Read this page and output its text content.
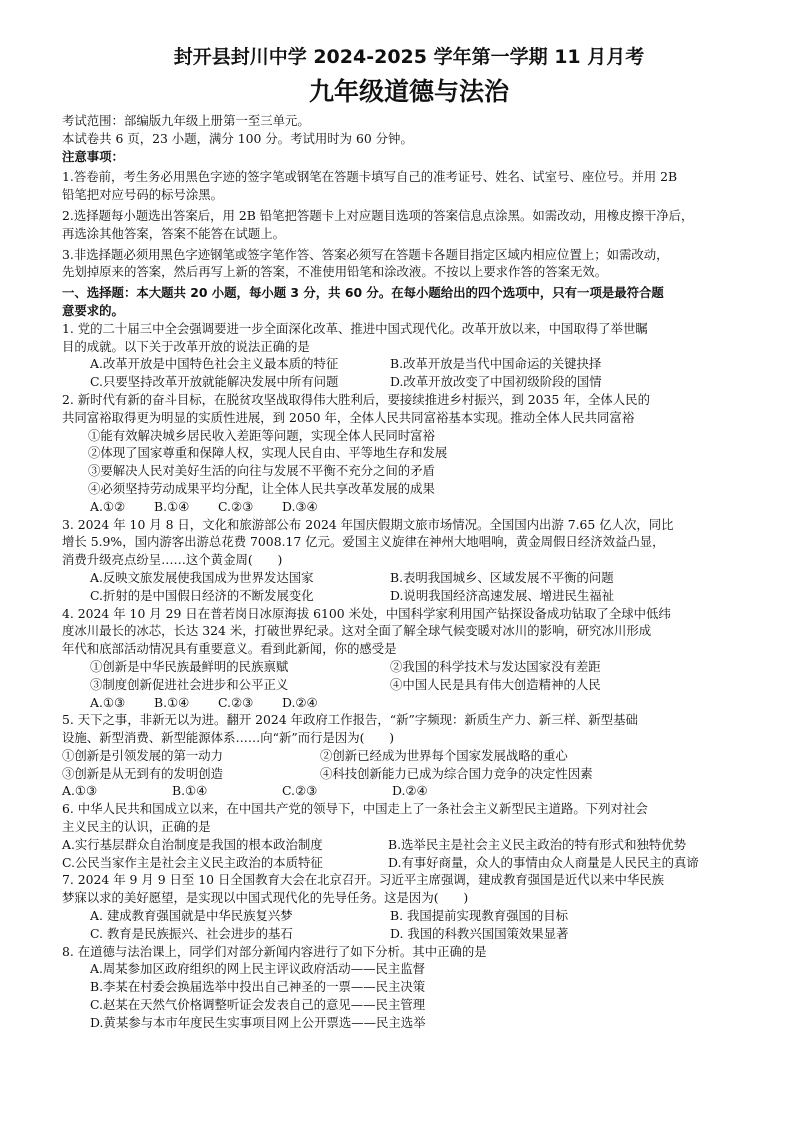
封开县封川中学 2024-2025 学年第一学期 11 月月考
九年级道德与法治

考试范围：部编版九年级上册第一至三单元。

本试卷共 6 页，23 小题，满分 100 分。考试用时为 60 分钟。

注意事项：

1.答卷前，考生务必用黑色字迹的签字笔或钢笔在答题卡填写自己的准考证号、姓名、试室号、座位号。并用 2B

铅笔把对应号码的标号涂黑。

2.选择题每小题选出答案后，用 2B 铅笔把答题卡上对应题目选项的答案信息点涂黑。如需改动，用橡皮擦干净后，

再选涂其他答案，答案不能答在试题上。

3.非选择题必须用黑色字迹钢笔或签字笔作答、答案必须写在答题卡各题目指定区域内相应位置上；如需改动，

先划掉原来的答案，然后再写上新的答案，不准使用铅笔和涂改液。不按以上要求作答的答案无效。

一、选择题：本大题共 20 小题，每小题 3 分，共 60 分。在每小题给出的四个选项中，只有一项是最符合题

意要求的。

1. 党的二十届三中全会强调要进一步全面深化改革、推进中国式现代化。改革开放以来，中国取得了举世瞩

目的成就。以下关于改革开放的说法正确的是

A.改革开放是中国特色社会主义最本质的特征	B.改革开放是当代中国命运的关键抉择
C.只要坚持改革开放就能解决发展中所有问题	D.改革开放改变了中国初级阶段的国情

2. 新时代有新的奋斗目标，在脱贫攻坚战取得伟大胜利后，要接续推进乡村振兴，到 2035 年，全体人民的

共同富裕取得更为明显的实质性进展，到 2050 年，全体人民共同富裕基本实现。推动全体人民共同富裕

①能有效解决城乡居民收入差距等问题，实现全体人民同时富裕

②体现了国家尊重和保障人权，实现人民自由、平等地生存和发展

③要解决人民对美好生活的向往与发展不平衡不充分之间的矛盾

④必须坚持劳动成果平均分配，让全体人民共享改革发展的成果

A.①②	B.①④	C.②③	D.③④

3. 2024 年 10 月 8 日，文化和旅游部公布 2024 年国庆假期文旅市场情况。全国国内出游 7.65 亿人次，同比

增长 5.9%，国内游客出游总花费 7008.17 亿元。爱国主义旋律在神州大地唱响，黄金周假日经济效益凸显，

消费升级亮点纷呈……这个黄金周(　　)

A.反映文旅发展使我国成为世界发达国家	B.表明我国城乡、区域发展不平衡的问题
C.折射的是中国假日经济的不断发展变化	D.说明我国经济高速发展、增进民生福祉

4. 2024 年 10 月 29 日在普若岗日冰原海拔 6100 米处，中国科学家利用国产钻探设备成功钻取了全球中低纬

度冰川最长的冰芯，长达 324 米，打破世界纪录。这对全面了解全球气候变暖对冰川的影响，研究冰川形成

年代和底部活动情况具有重要意义。看到此新闻，你的感受是

①创新是中华民族最鲜明的民族禀赋	②我国的科学技术与发达国家没有差距
③制度创新促进社会进步和公平正义	④中国人民是具有伟大创造精神的人民
A.①③	B.①④	C.②③	D.②④

5. 天下之事，非新无以为进。翻开 2024 年政府工作报告，“新”字频现：新质生产力、新三样、新型基础

设施、新型消费、新型能源体系……向“新”而行是因为(　　)

①创新是引领发展的第一动力	②创新已经成为世界每个国家发展战略的重心
③创新是从无到有的发明创造	④科技创新能力已成为综合国力竞争的决定性因素
A.①③	B.①④	C.②③	D.②④

6. 中华人民共和国成立以来，在中国共产党的领导下，中国走上了一条社会主义新型民主道路。下列对社会

主义民主的认识，正确的是

A.实行基层群众自治制度是我国的根本政治制度	B.选举民主是社会主义民主政治的特有形式和独特优势
C.公民当家作主是社会主义民主政治的本质特征	D.有事好商量，众人的事情由众人商量是人民民主的真谛

7. 2024 年 9 月 9 日至 10 日全国教育大会在北京召开。习近平主席强调，建成教育强国是近代以来中华民族

梦寐以求的美好愿望，是实现以中国式现代化的先导任务。这是因为(　　)

A. 建成教育强国就是中华民族复兴梦	B. 我国提前实现教育强国的目标
C. 教育是民族振兴、社会进步的基石	D. 我国的科教兴国国策效果显著

8. 在道德与法治课上，同学们对部分新闻内容进行了如下分析。其中正确的是

A.周某参加区政府组织的网上民主评议政府活动——民主监督

B.李某在村委会换届选举中投出自己神圣的一票——民主决策

C.赵某在天然气价格调整听证会发表自己的意见——民主管理

D.黄某参与本市年度民生实事项目网上公开票选——民主选举
